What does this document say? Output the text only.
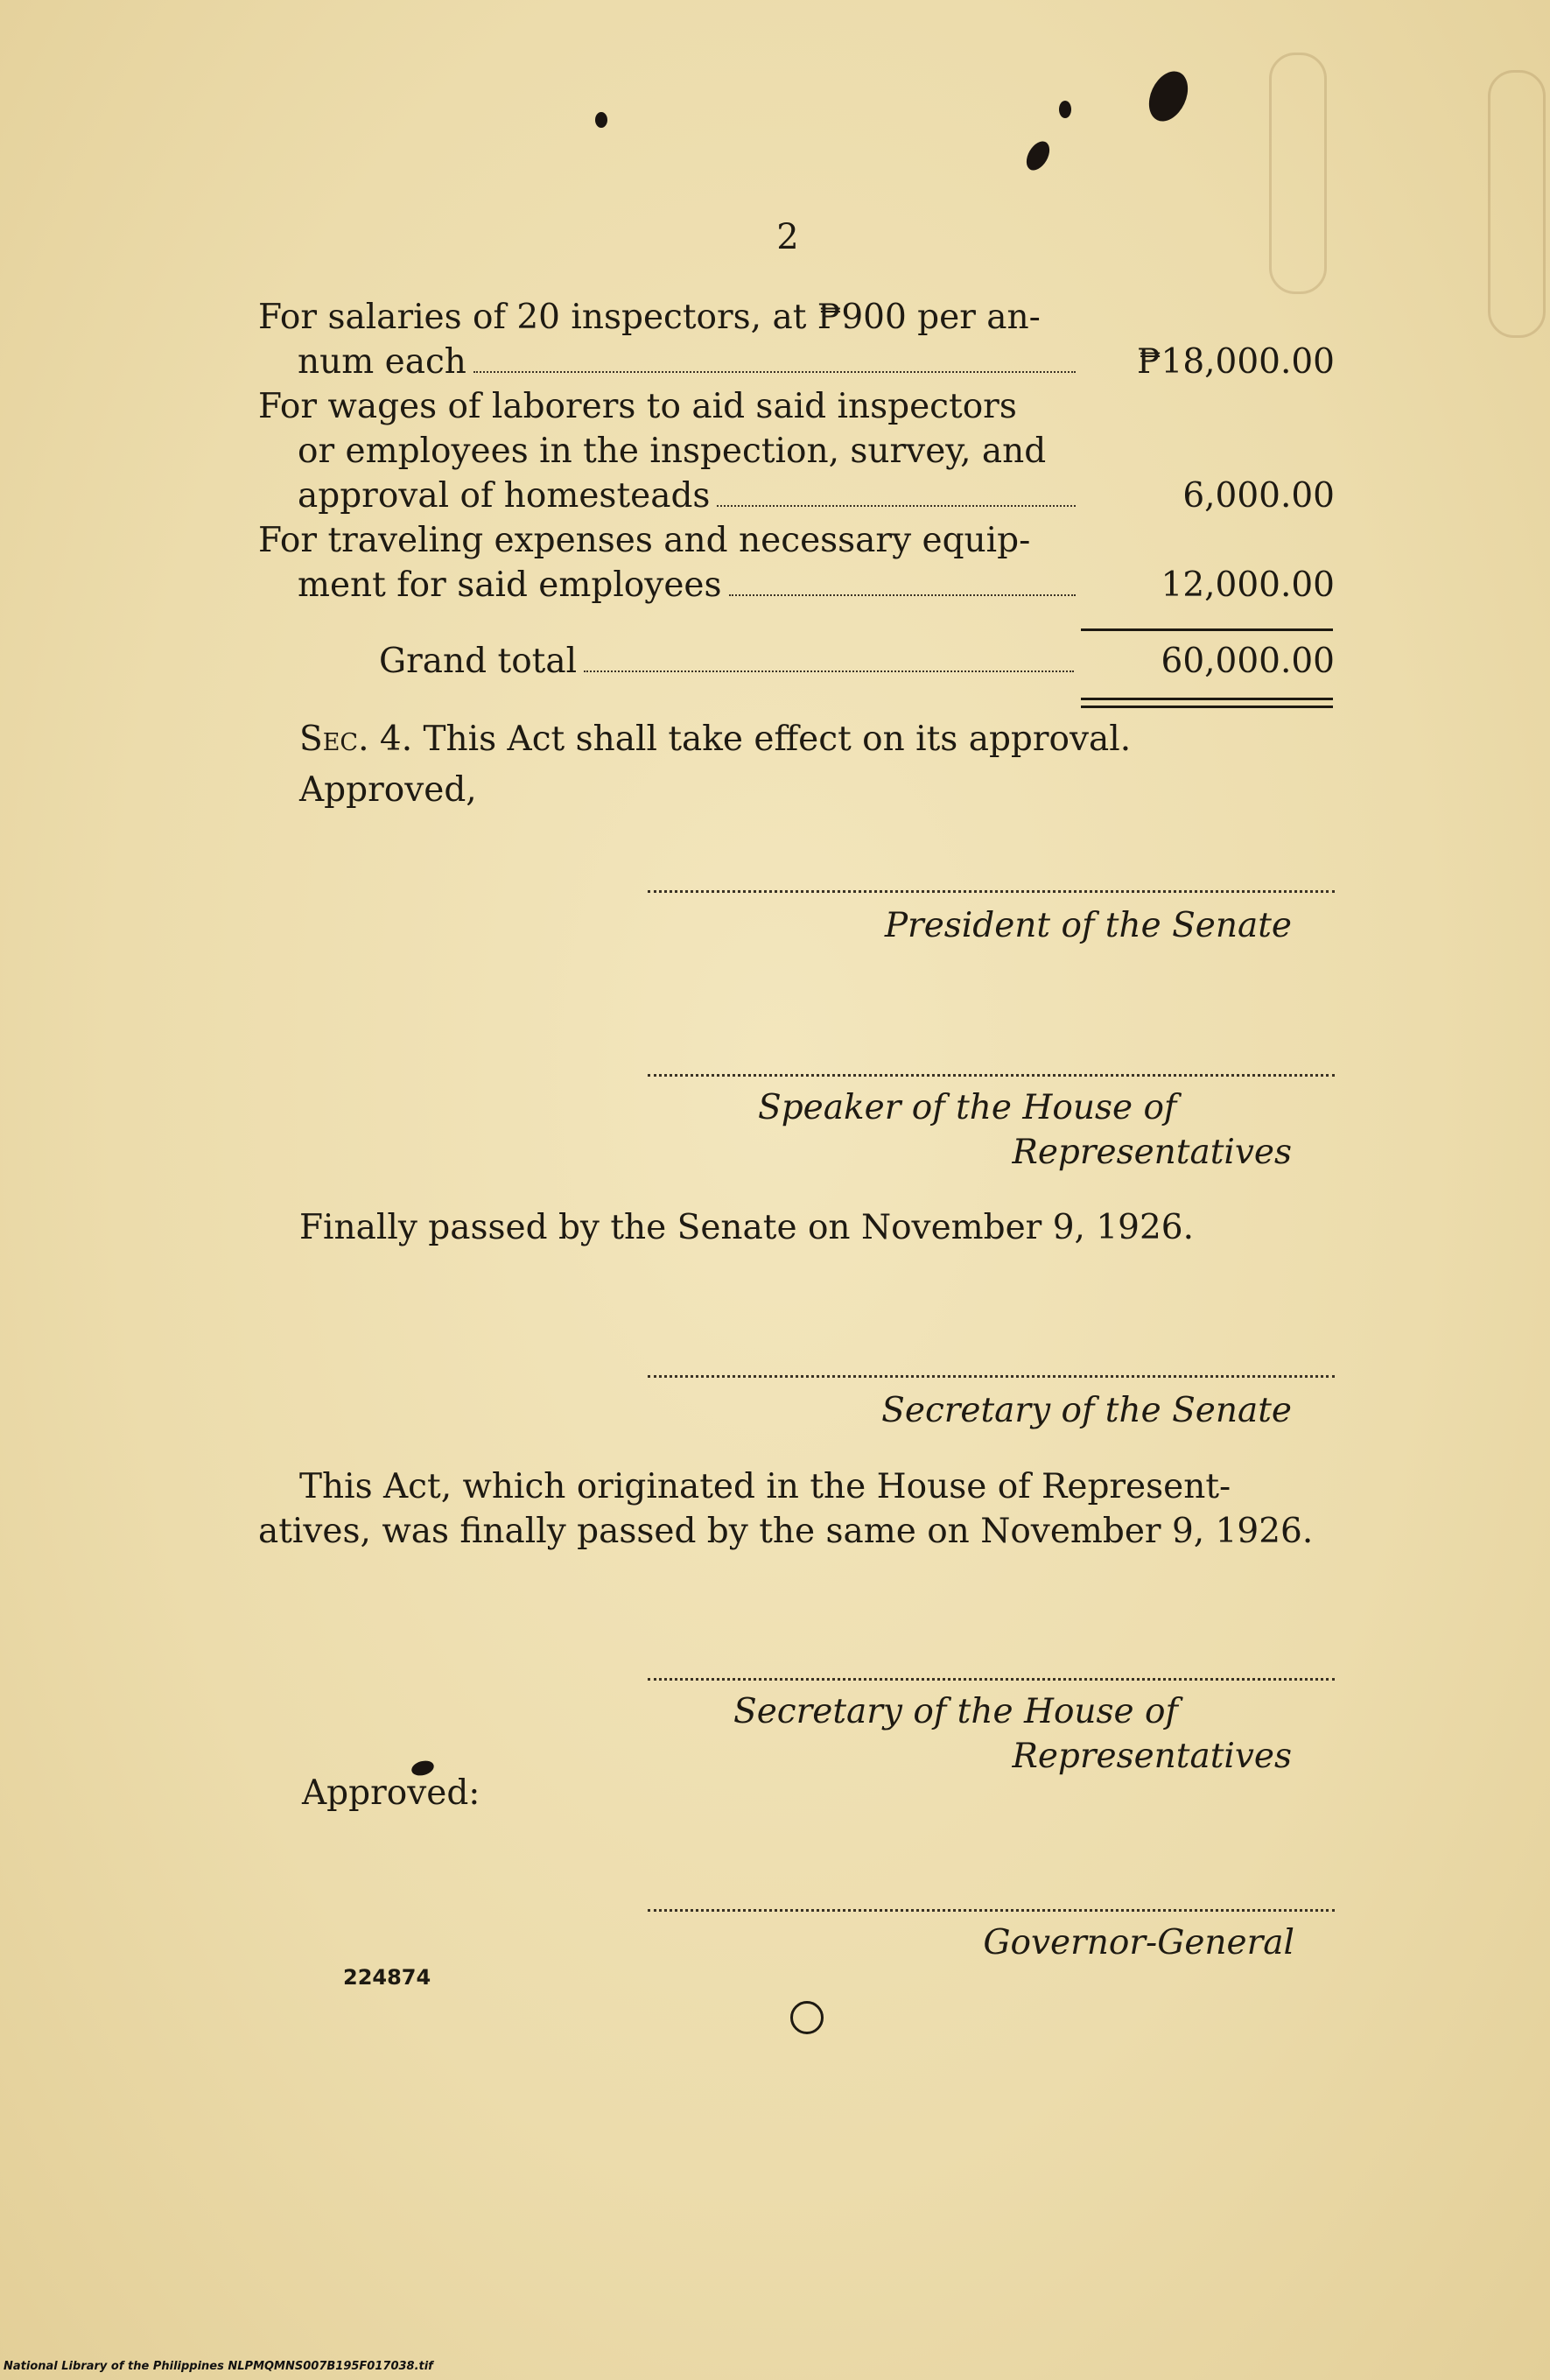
2
For salaries of 20 inspectors, at ₱900 per an-
num each	₱18,000.00
For wages of laborers to aid said inspectors
or employees in the inspection, survey, and
approval of homesteads	6,000.00
For traveling expenses and necessary equip-
ment for said employees	12,000.00
Grand total	60,000.00
Sec. 4. This Act shall take effect on its approval.
Approved,
President of the Senate
Speaker of the House of
Representatives
Finally passed by the Senate on November 9, 1926.
Secretary of the Senate
This Act, which originated in the House of Represent-
atives, was finally passed by the same on November 9, 1926.
Secretary of the House of
Representatives
Approved:
Governor-General
224874
National Library of the Philippines NLPMQMNS007B195F017038.tif
